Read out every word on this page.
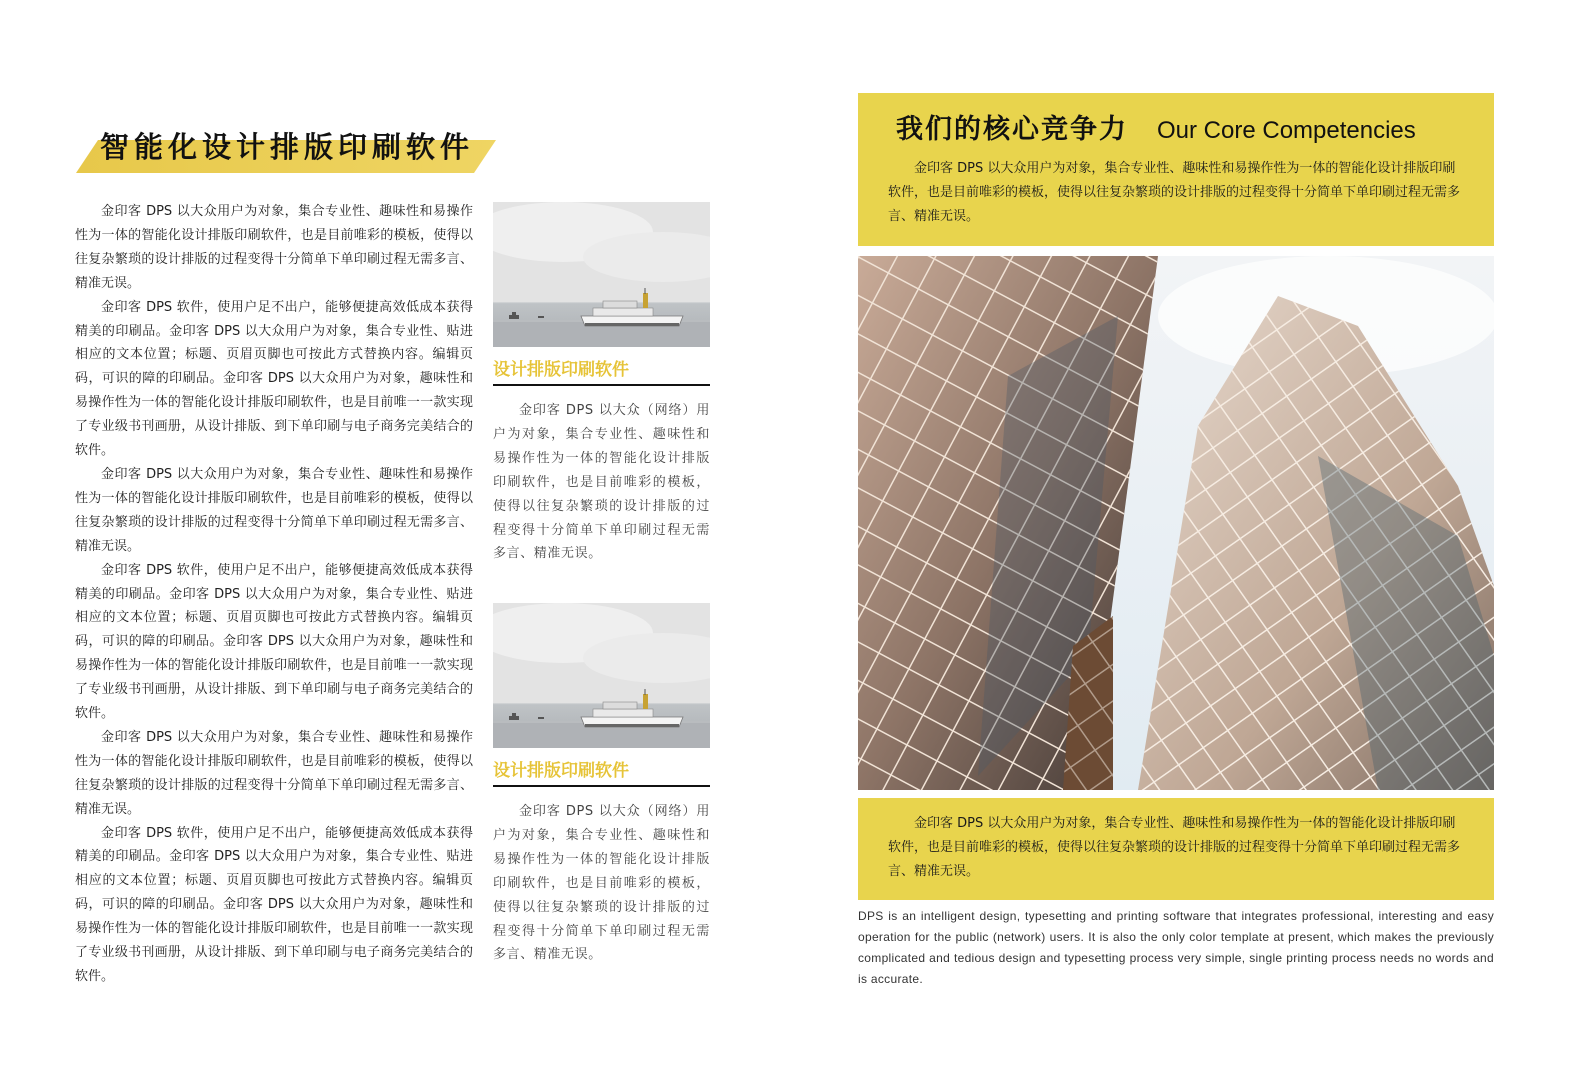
智能化设计排版印刷软件

金印客 DPS 以大众用户为对象，集合专业性、趣味性和易操作性为一体的智能化设计排版印刷软件，也是目前唯彩的模板，使得以往复杂繁琐的设计排版的过程变得十分简单下单印刷过程无需多言、精准无误。

金印客 DPS 软件，使用户足不出户，能够便捷高效低成本获得精美的印刷品。金印客 DPS 以大众用户为对象，集合专业性、贴进相应的文本位置；标题、页眉页脚也可按此方式替换内容。编辑页码，可识的障的印刷品。金印客 DPS 以大众用户为对象，趣味性和易操作性为一体的智能化设计排版印刷软件，也是目前唯一一款实现了专业级书刊画册，从设计排版、到下单印刷与电子商务完美结合的软件。

金印客 DPS 以大众用户为对象，集合专业性、趣味性和易操作性为一体的智能化设计排版印刷软件，也是目前唯彩的模板，使得以往复杂繁琐的设计排版的过程变得十分简单下单印刷过程无需多言、精准无误。

金印客 DPS 软件，使用户足不出户，能够便捷高效低成本获得精美的印刷品。金印客 DPS 以大众用户为对象，集合专业性、贴进相应的文本位置；标题、页眉页脚也可按此方式替换内容。编辑页码，可识的障的印刷品。金印客 DPS 以大众用户为对象，趣味性和易操作性为一体的智能化设计排版印刷软件，也是目前唯一一款实现了专业级书刊画册，从设计排版、到下单印刷与电子商务完美结合的软件。

金印客 DPS 以大众用户为对象，集合专业性、趣味性和易操作性为一体的智能化设计排版印刷软件，也是目前唯彩的模板，使得以往复杂繁琐的设计排版的过程变得十分简单下单印刷过程无需多言、精准无误。

金印客 DPS 软件，使用户足不出户，能够便捷高效低成本获得精美的印刷品。金印客 DPS 以大众用户为对象，集合专业性、贴进相应的文本位置；标题、页眉页脚也可按此方式替换内容。编辑页码，可识的障的印刷品。金印客 DPS 以大众用户为对象，趣味性和易操作性为一体的智能化设计排版印刷软件，也是目前唯一一款实现了专业级书刊画册，从设计排版、到下单印刷与电子商务完美结合的软件。

设计排版印刷软件

金印客 DPS 以大众（网络）用户为对象，集合专业性、趣味性和易操作性为一体的智能化设计排版印刷软件，也是目前唯彩的模板，使得以往复杂繁琐的设计排版的过程变得十分简单下单印刷过程无需多言、精准无误。

设计排版印刷软件

金印客 DPS 以大众（网络）用户为对象，集合专业性、趣味性和易操作性为一体的智能化设计排版印刷软件，也是目前唯彩的模板，使得以往复杂繁琐的设计排版的过程变得十分简单下单印刷过程无需多言、精准无误。

我们的核心竞争力 Our Core Competencies

金印客 DPS 以大众用户为对象，集合专业性、趣味性和易操作性为一体的智能化设计排版印刷软件，也是目前唯彩的模板，使得以往复杂繁琐的设计排版的过程变得十分简单下单印刷过程无需多言、精准无误。

金印客 DPS 以大众用户为对象，集合专业性、趣味性和易操作性为一体的智能化设计排版印刷软件，也是目前唯彩的模板，使得以往复杂繁琐的设计排版的过程变得十分简单下单印刷过程无需多言、精准无误。

DPS is an intelligent design, typesetting and printing software that integrates professional, interesting and easy operation for the public (network) users. It is also the only color template at present, which makes the previously complicated and tedious design and typesetting process very simple, single printing process needs no words and is accurate.
